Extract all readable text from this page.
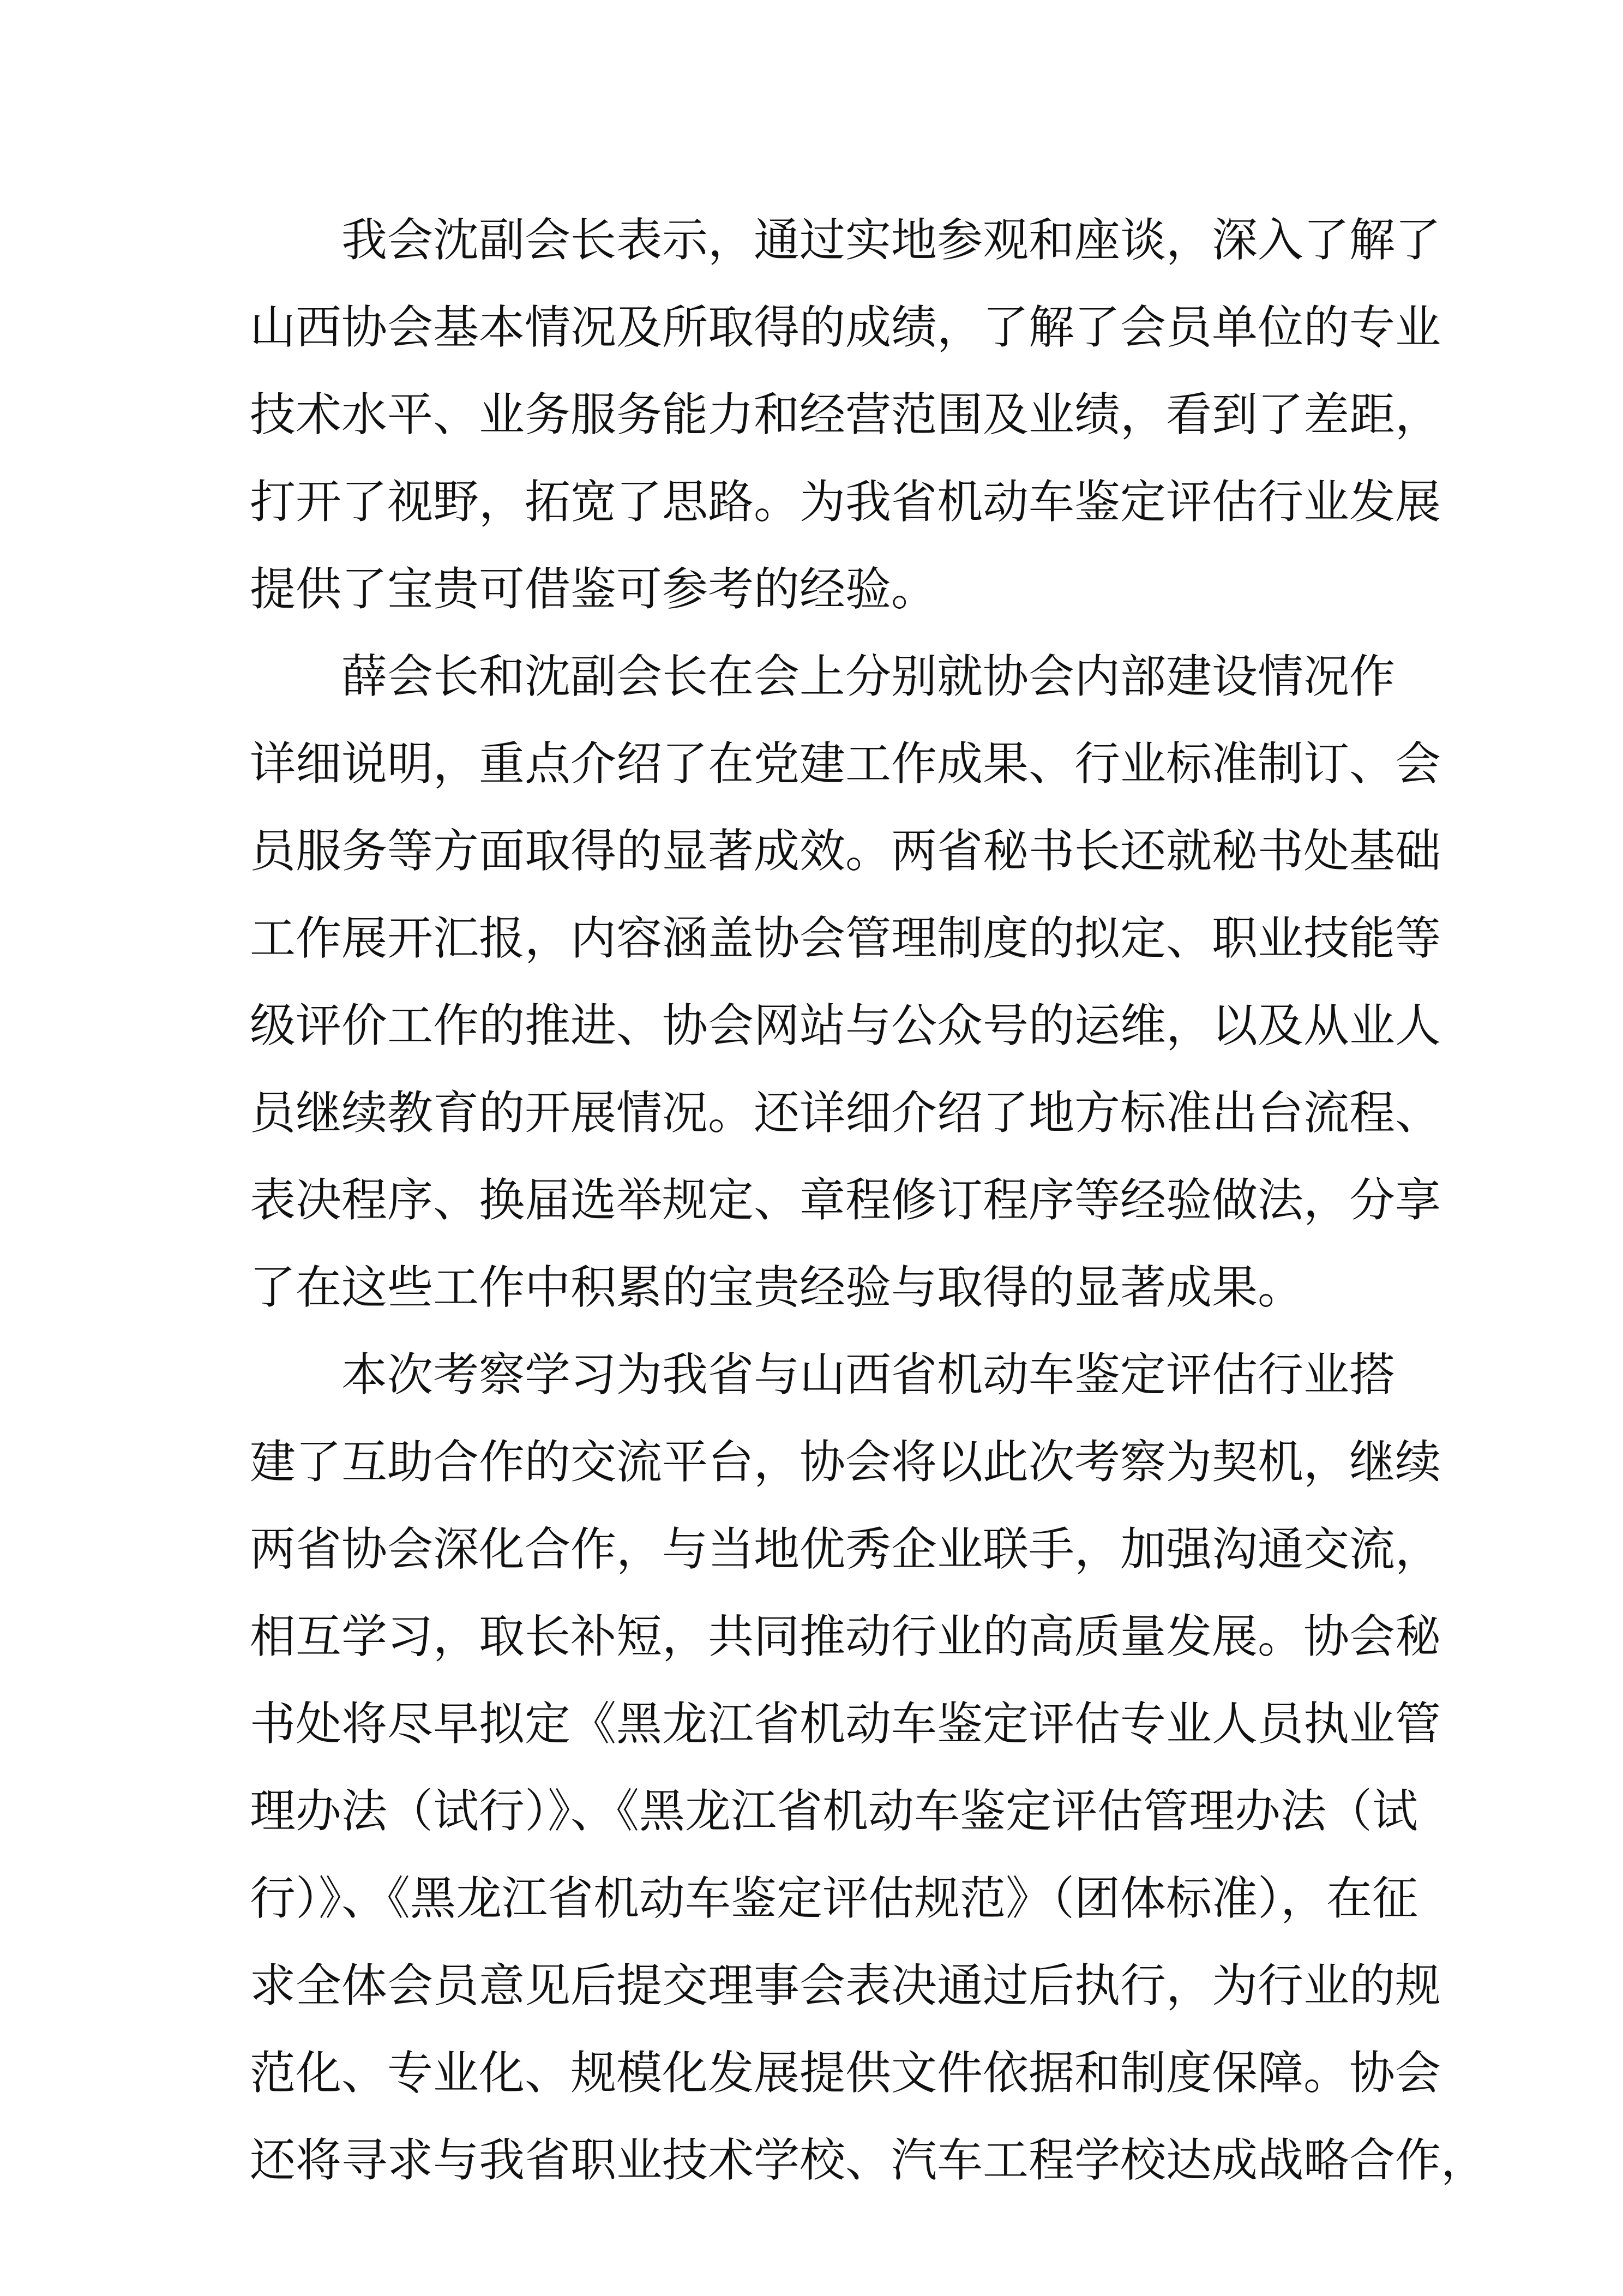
我会沈副会长表示，通过实地参观和座谈，深入了解了
山西协会基本情况及所取得的成绩，了解了会员单位的专业
技术水平、业务服务能力和经营范围及业绩，看到了差距，
打开了视野，拓宽了思路。为我省机动车鉴定评估行业发展
提供了宝贵可借鉴可参考的经验。
薛会长和沈副会长在会上分别就协会内部建设情况作
详细说明，重点介绍了在党建工作成果、行业标准制订、会
员服务等方面取得的显著成效。两省秘书长还就秘书处基础
工作展开汇报，内容涵盖协会管理制度的拟定、职业技能等
级评价工作的推进、协会网站与公众号的运维，以及从业人
员继续教育的开展情况。还详细介绍了地方标准出台流程、
表决程序、换届选举规定、章程修订程序等经验做法，分享
了在这些工作中积累的宝贵经验与取得的显著成果。
本次考察学习为我省与山西省机动车鉴定评估行业搭
建了互助合作的交流平台，协会将以此次考察为契机，继续
两省协会深化合作，与当地优秀企业联手，加强沟通交流，
相互学习，取长补短，共同推动行业的高质量发展。协会秘
书处将尽早拟定《黑龙江省机动车鉴定评估专业人员执业管
理办法（试行）》、《黑龙江省机动车鉴定评估管理办法（试
行）》、《黑龙江省机动车鉴定评估规范》（团体标准），在征
求全体会员意见后提交理事会表决通过后执行，为行业的规
范化、专业化、规模化发展提供文件依据和制度保障。协会
还将寻求与我省职业技术学校、汽车工程学校达成战略合作，
